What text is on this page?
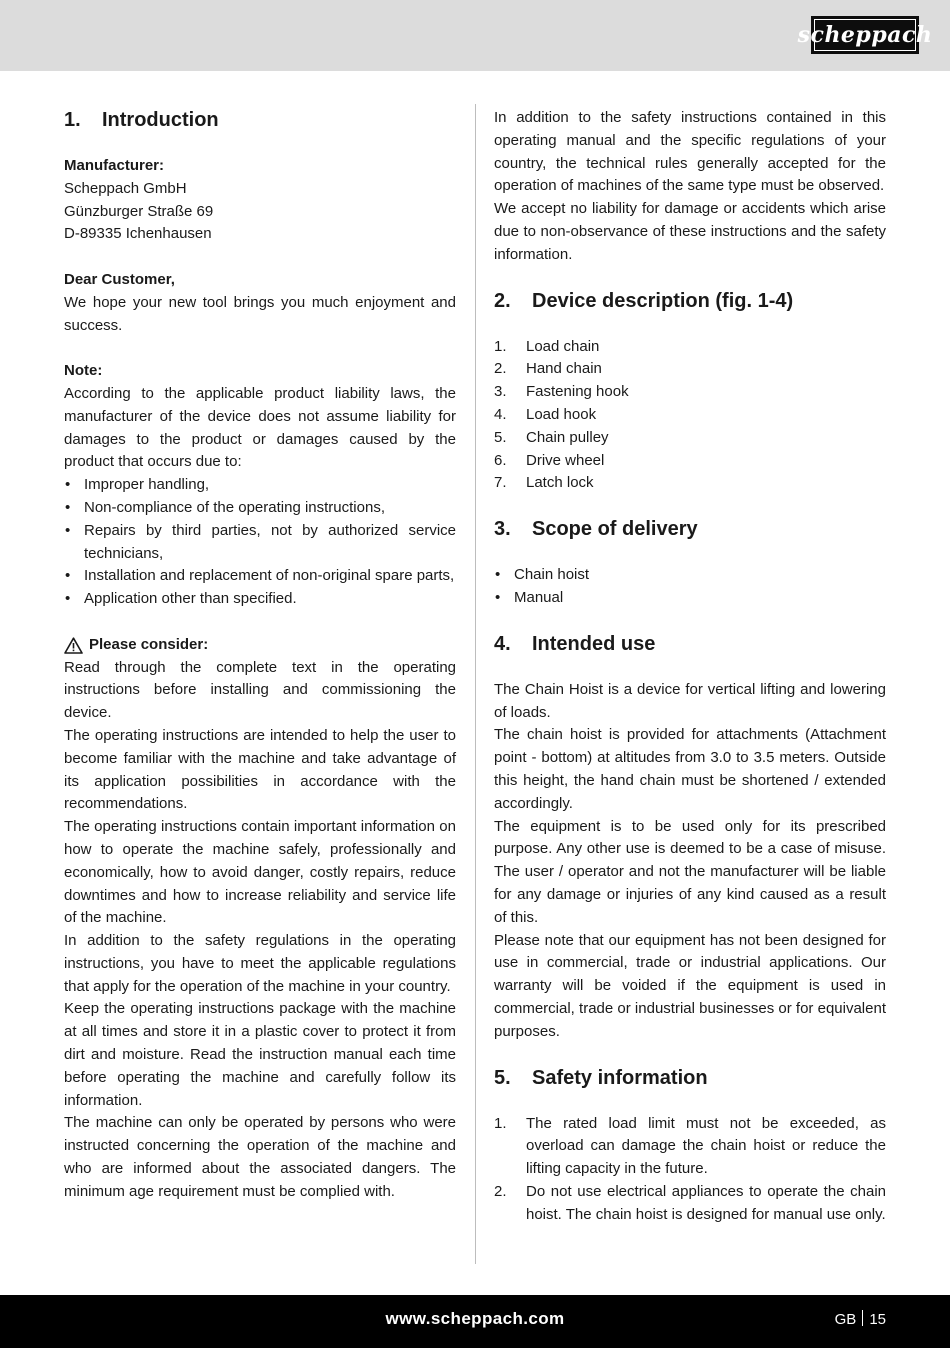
scheppach
1.	Introduction
Manufacturer:
Scheppach GmbH
Günzburger Straße 69
D-89335 Ichenhausen
Dear Customer,

We hope your new tool brings you much enjoyment and success.

Note:

According to the applicable product liability laws, the manufacturer of the device does not assume liability for damages to the product or damages caused by the product that occurs due to:

• Improper handling,
• Non-compliance of the operating instructions,
• Repairs by third parties, not by authorized service technicians,
• Installation and replacement of non-original spare parts,
• Application other than specified.
Please consider:

Read through the complete text in the operating instructions before installing and commissioning the device.

The operating instructions are intended to help the user to become familiar with the machine and take advantage of its application possibilities in accordance with the recommendations.

The operating instructions contain important information on how to operate the machine safely, professionally and economically, how to avoid danger, costly repairs, reduce downtimes and how to increase reliability and service life of the machine.

In addition to the safety regulations in the operating instructions, you have to meet the applicable regulations that apply for the operation of the machine in your country.

Keep the operating instructions package with the machine at all times and store it in a plastic cover to protect it from dirt and moisture. Read the instruction manual each time before operating the machine and carefully follow its information.

The machine can only be operated by persons who were instructed concerning the operation of the machine and who are informed about the associated dangers. The minimum age requirement must be complied with.

In addition to the safety instructions contained in this operating manual and the specific regulations of your country, the technical rules generally accepted for the operation of machines of the same type must be observed.

We accept no liability for damage or accidents which arise due to non-observance of these instructions and the safety information.

2.	Device description (fig. 1-4)
1.	Load chain
2.	Hand chain
3.	Fastening hook
4.	Load hook
5.	Chain pulley
6.	Drive wheel
7.	Latch lock
3.	Scope of delivery
• Chain hoist
• Manual
4.	Intended use

The Chain Hoist is a device for vertical lifting and lowering of loads.

The chain hoist is provided for attachments (Attachment point - bottom) at altitudes from 3.0 to 3.5 meters. Outside this height, the hand chain must be shortened / extended accordingly.

The equipment is to be used only for its prescribed purpose. Any other use is deemed to be a case of misuse. The user / operator and not the manufacturer will be liable for any damage or injuries of any kind caused as a result of this.

Please note that our equipment has not been designed for use in commercial, trade or industrial applications. Our warranty will be voided if the equipment is used in commercial, trade or industrial businesses or for equivalent purposes.

5.	Safety information
1.	The rated load limit must not be exceeded, as overload can damage the chain hoist or reduce the lifting capacity in the future.
2.	Do not use electrical appliances to operate the chain hoist. The chain hoist is designed for manual use only.
www.scheppach.com	GB 15
